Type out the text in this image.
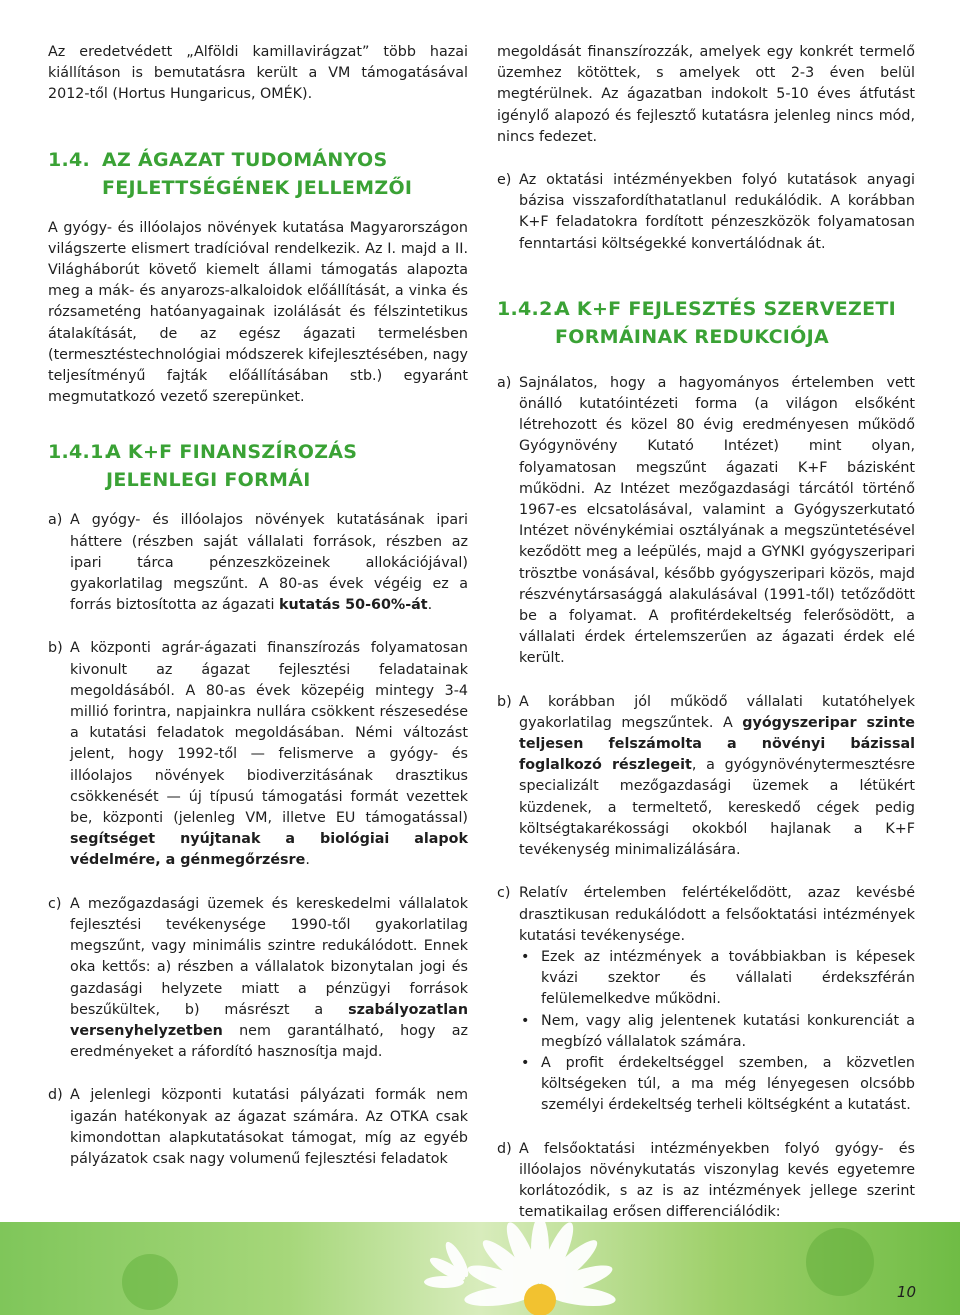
Az eredetvédett „Alföldi kamillavirágzat” több hazai kiállításon is bemutatásra került a VM támogatásával 2012-től (Hortus Hungaricus, OMÉK).

1.4. AZ ÁGAZAT TUDOMÁNYOS FEJLETTSÉGÉNEK JELLEMZŐI

A gyógy- és illóolajos növények kutatása Magyarországon világszerte elismert tradícióval rendelkezik. Az I. majd a II. Világháborút követő kiemelt állami támogatás alapozta meg a mák- és anyarozs-alkaloidok előállítását, a vinka és rózsameténg hatóanyagainak izolálását és félszintetikus átalakítását, de az egész ágazati termelésben (termesztéstechnológiai módszerek kifejlesztésében, nagy teljesítményű fajták előállításában stb.) egyaránt megmutatkozó vezető szerepünket.

1.4.1.
A K+F FINANSZÍROZÁS JELENLEGI FORMÁI

a) A gyógy- és illóolajos növények kutatásának ipari háttere (részben saját vállalati források, részben az ipari tárca pénzeszközeinek allokációjával) gyakorlatilag megszűnt. A 80-as évek végéig ez a forrás biztosította az ágazati kutatás 50-60%-át.

b) A központi agrár-ágazati finanszírozás folyamatosan kivonult az ágazat fejlesztési feladatainak megoldásából. A 80-as évek közepéig mintegy 3-4 millió forintra, napjainkra nullára csökkent részesedése a kutatási feladatok megoldásában. Némi változást jelent, hogy 1992-től — felismerve a gyógy- és illóolajos növények biodiverzitásának drasztikus csökkenését — új típusú támogatási formát vezettek be, központi (jelenleg VM, illetve EU támogatással) segítséget nyújtanak a biológiai alapok védelmére, a génmegőrzésre.

c) A mezőgazdasági üzemek és kereskedelmi vállalatok fejlesztési tevékenysége 1990-től gyakorlatilag megszűnt, vagy minimális szintre redukálódott. Ennek oka kettős: a) részben a vállalatok bizonytalan jogi és gazdasági helyzete miatt a pénzügyi források beszűkültek, b) másrészt a szabályozatlan versenyhelyzetben nem garantálható, hogy az eredményeket a ráfordító hasznosítja majd.

d) A jelenlegi központi kutatási pályázati formák nem igazán hatékonyak az ágazat számára. Az OTKA csak kimondottan alapkutatásokat támogat, míg az egyéb pályázatok csak nagy volumenű fejlesztési feladatok

megoldását finanszírozzák, amelyek egy konkrét termelő üzemhez kötöttek, s amelyek ott 2-3 éven belül megtérülnek. Az ágazatban indokolt 5-10 éves átfutást igénylő alapozó és fejlesztő kutatásra jelenleg nincs mód, nincs fedezet.

e) Az oktatási intézményekben folyó kutatások anyagi bázisa visszafordíthatatlanul redukálódik. A korábban K+F feladatokra fordított pénzeszközök folyamatosan fenntartási költségekké konvertálódnak át.

1.4.2.
A K+F FEJLESZTÉS SZERVEZETI FORMÁINAK REDUKCIÓJA

a) Sajnálatos, hogy a hagyományos értelemben vett önálló kutatóintézeti forma (a világon elsőként létrehozott és közel 80 évig eredményesen működő Gyógynövény Kutató Intézet) mint olyan, folyamatosan megszűnt ágazati K+F bázisként működni. Az Intézet mezőgazdasági tárcától történő 1967-es elcsatolásával, valamint a Gyógyszerkutató Intézet növénykémiai osztályának a megszüntetésével keződött meg a leépülés, majd a GYNKI gyógyszeripari trösztbe vonásával, később gyógyszeripari közös, majd részvénytársasággá alakulásával (1991-től) tetőződött be a folyamat. A profitérdekeltség felerősödött, a vállalati érdek értelemszerűen az ágazati érdek elé került.

b) A korábban jól működő vállalati kutatóhelyek gyakorlatilag megszűntek. A gyógyszeripar szinte teljesen felszámolta a növényi bázissal foglalkozó részlegeit, a gyógynövénytermesztésre specializált mezőgazdasági üzemek a létükért küzdenek, a termeltető, kereskedő cégek pedig költségtakarékossági okokból hajlanak a K+F tevékenység minimalizálására.

c) Relatív értelemben felértékelődött, azaz kevésbé drasztikusan redukálódott a felsőoktatási intézmények kutatási tevékenysége.

• Ezek az intézmények a továbbiakban is képesek kvázi szektor és vállalati érdekszférán felülemelkedve működni.
• Nem, vagy alig jelentenek kutatási konkurenciát a megbízó vállalatok számára.
• A profit érdekeltséggel szemben, a közvetlen költségeken túl, a ma még lényegesen olcsóbb személyi érdekeltség terheli költségként a kutatást.

d) A felsőoktatási intézményekben folyó gyógy- és illóolajos növénykutatás viszonylag kevés egyetemre korlátozódik, s az is az intézmények jellege szerint tematikailag erősen differenciálódik:

10
